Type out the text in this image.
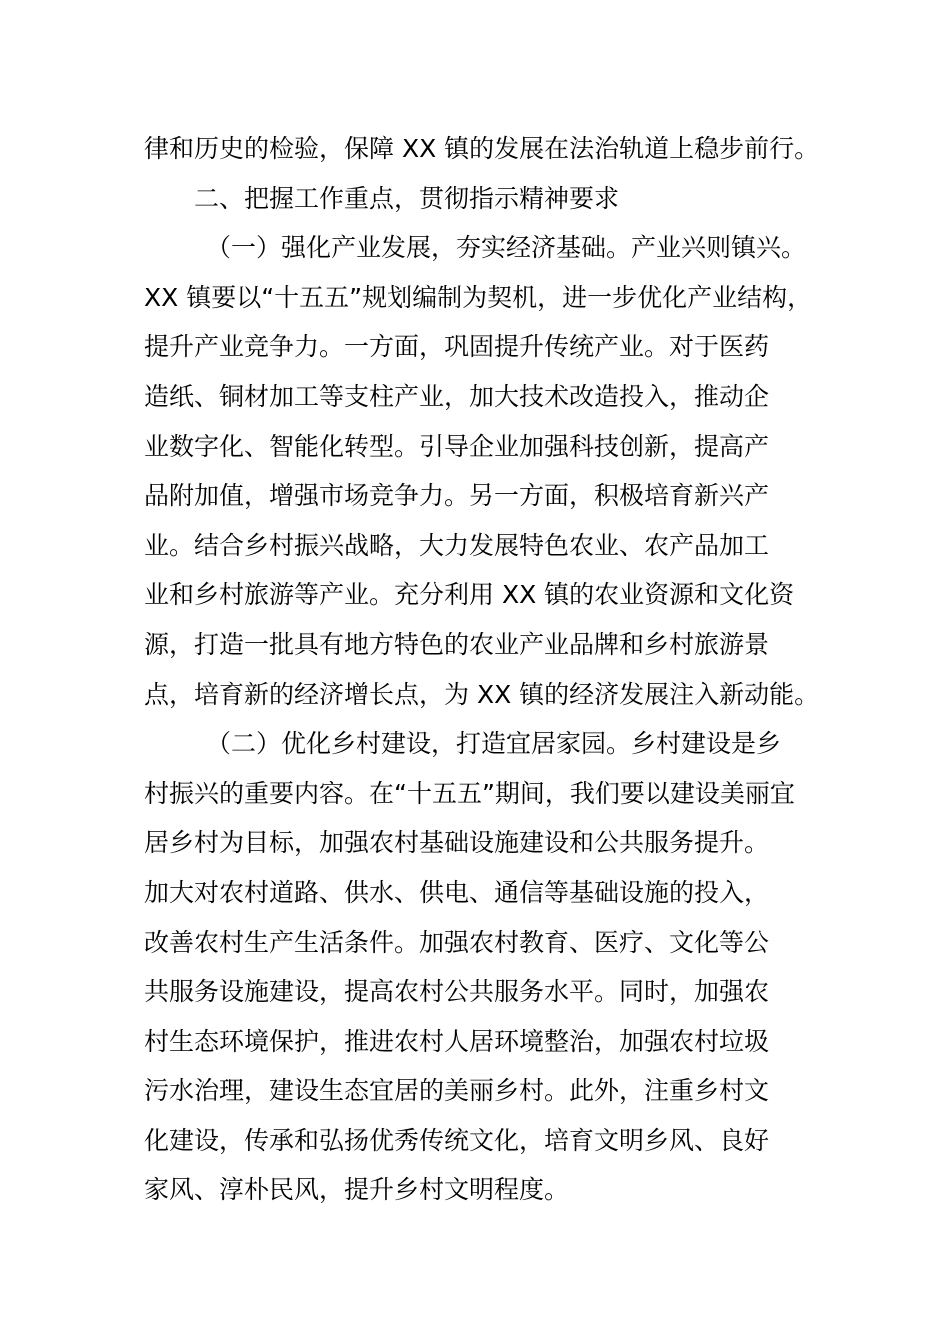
律和历史的检验，保障 XX 镇的发展在法治轨道上稳步前行。
二、把握工作重点，贯彻指示精神要求
（一）强化产业发展，夯实经济基础。产业兴则镇兴。
XX 镇要以“十五五”规划编制为契机，进一步优化产业结构，
提升产业竞争力。一方面，巩固提升传统产业。对于医药
造纸、铜材加工等支柱产业，加大技术改造投入，推动企
业数字化、智能化转型。引导企业加强科技创新，提高产
品附加值，增强市场竞争力。另一方面，积极培育新兴产
业。结合乡村振兴战略，大力发展特色农业、农产品加工
业和乡村旅游等产业。充分利用 XX 镇的农业资源和文化资
源，打造一批具有地方特色的农业产业品牌和乡村旅游景
点，培育新的经济增长点，为 XX 镇的经济发展注入新动能。
（二）优化乡村建设，打造宜居家园。乡村建设是乡
村振兴的重要内容。在“十五五”期间，我们要以建设美丽宜
居乡村为目标，加强农村基础设施建设和公共服务提升。
加大对农村道路、供水、供电、通信等基础设施的投入，
改善农村生产生活条件。加强农村教育、医疗、文化等公
共服务设施建设，提高农村公共服务水平。同时，加强农
村生态环境保护，推进农村人居环境整治，加强农村垃圾
污水治理，建设生态宜居的美丽乡村。此外，注重乡村文
化建设，传承和弘扬优秀传统文化，培育文明乡风、良好
家风、淳朴民风，提升乡村文明程度。
